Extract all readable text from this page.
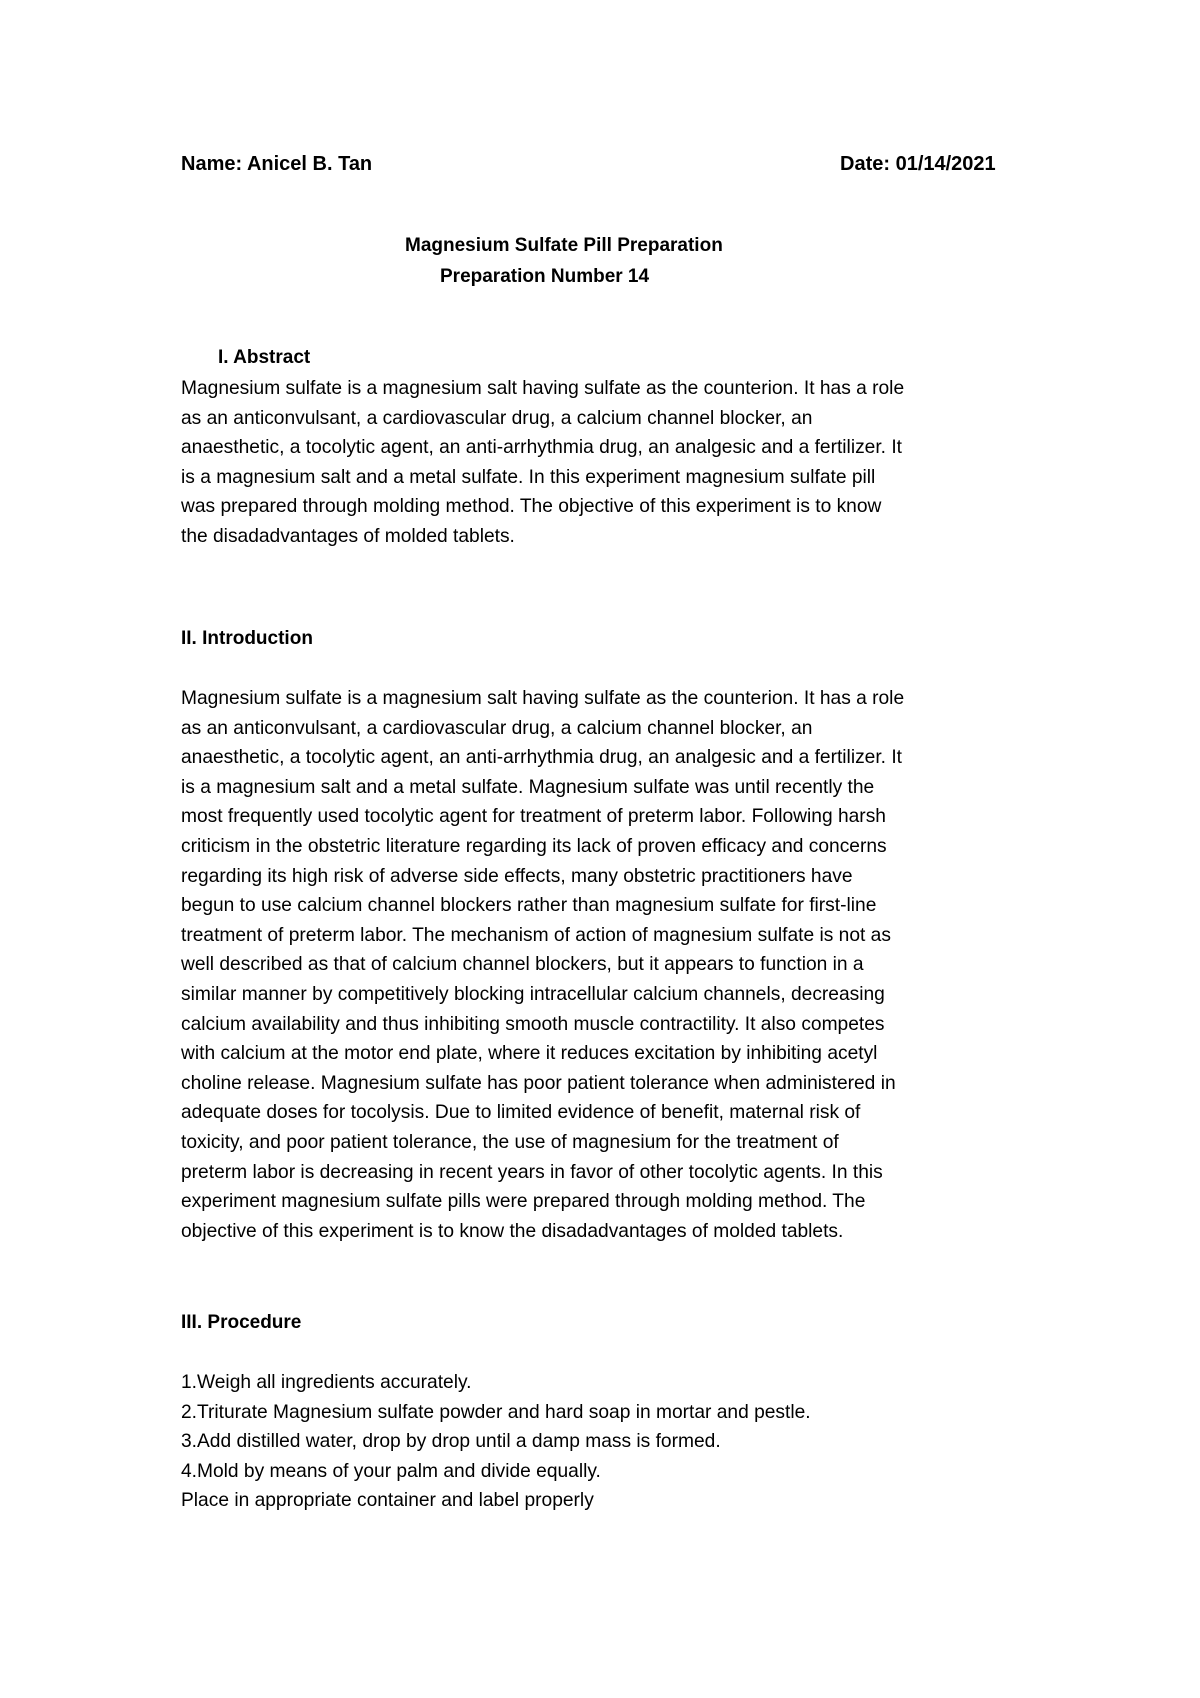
Name: Anicel B. Tan	Date: 01/14/2021
Magnesium Sulfate Pill Preparation
Preparation Number 14
I. Abstract
Magnesium sulfate is a magnesium salt having sulfate as the counterion. It has a role
as an anticonvulsant, a cardiovascular drug, a calcium channel blocker, an
anaesthetic, a tocolytic agent, an anti-arrhythmia drug, an analgesic and a fertilizer. It
is a magnesium salt and a metal sulfate. In this experiment magnesium sulfate pill
was prepared through molding method. The objective of this experiment is to know
the disadadvantages of molded tablets.
II. Introduction
Magnesium sulfate is a magnesium salt having sulfate as the counterion. It has a role
as an anticonvulsant, a cardiovascular drug, a calcium channel blocker, an
anaesthetic, a tocolytic agent, an anti-arrhythmia drug, an analgesic and a fertilizer. It
is a magnesium salt and a metal sulfate. Magnesium sulfate was until recently the
most frequently used tocolytic agent for treatment of preterm labor. Following harsh
criticism in the obstetric literature regarding its lack of proven efficacy and concerns
regarding its high risk of adverse side effects, many obstetric practitioners have
begun to use calcium channel blockers rather than magnesium sulfate for first-line
treatment of preterm labor. The mechanism of action of magnesium sulfate is not as
well described as that of calcium channel blockers, but it appears to function in a
similar manner by competitively blocking intracellular calcium channels, decreasing
calcium availability and thus inhibiting smooth muscle contractility. It also competes
with calcium at the motor end plate, where it reduces excitation by inhibiting acetyl
choline release. Magnesium sulfate has poor patient tolerance when administered in
adequate doses for tocolysis. Due to limited evidence of benefit, maternal risk of
toxicity, and poor patient tolerance, the use of magnesium for the treatment of
preterm labor is decreasing in recent years in favor of other tocolytic agents. In this
experiment magnesium sulfate pills were prepared through molding method. The
objective of this experiment is to know the disadadvantages of molded tablets.
III. Procedure
1.Weigh all ingredients accurately.
2.Triturate Magnesium sulfate powder and hard soap in mortar and pestle.
3.Add distilled water, drop by drop until a damp mass is formed.
4.Mold by means of your palm and divide equally.
Place in appropriate container and label properly
